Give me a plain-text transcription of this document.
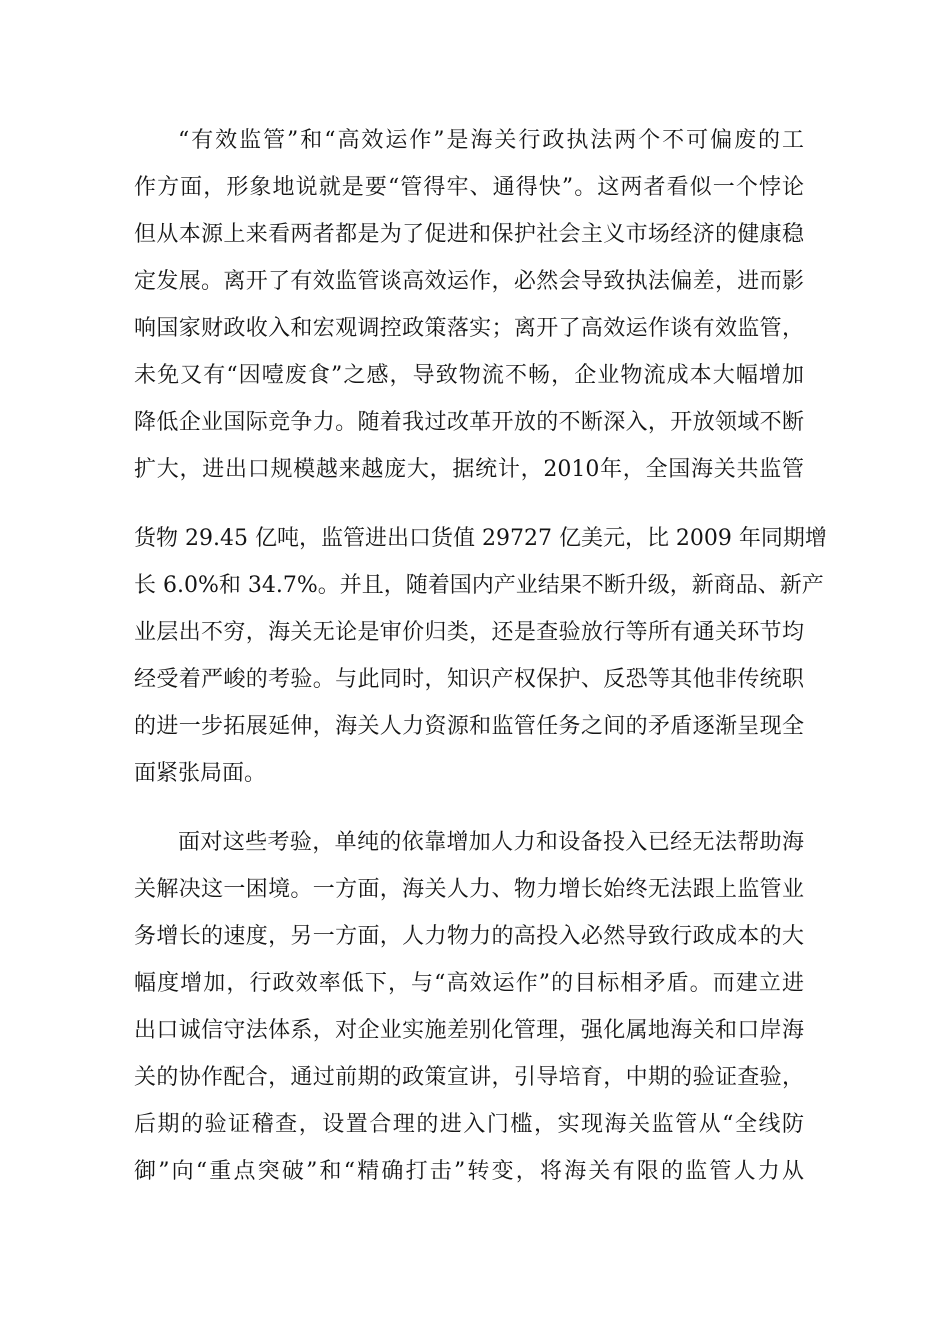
“有效监管”和“高效运作”是海关行政执法两个不可偏废的工
作方面，形象地说就是要“管得牢、通得快”。这两者看似一个悖论
但从本源上来看两者都是为了促进和保护社会主义市场经济的健康稳
定发展。离开了有效监管谈高效运作，必然会导致执法偏差，进而影
响国家财政收入和宏观调控政策落实；离开了高效运作谈有效监管，
未免又有“因噎废食”之感，导致物流不畅，企业物流成本大幅增加
降低企业国际竞争力。随着我过改革开放的不断深入，开放领域不断
扩大，进出口规模越来越庞大，据统计，2010年，全国海关共监管
货物 29.45 亿吨，监管进出口货值 29727 亿美元，比 2009 年同期增
长 6.0%和 34.7%。并且，随着国内产业结果不断升级，新商品、新产
业层出不穷，海关无论是审价归类，还是查验放行等所有通关环节均
经受着严峻的考验。与此同时，知识产权保护、反恐等其他非传统职
的进一步拓展延伸，海关人力资源和监管任务之间的矛盾逐渐呈现全
面紧张局面。
面对这些考验，单纯的依靠增加人力和设备投入已经无法帮助海
关解决这一困境。一方面，海关人力、物力增长始终无法跟上监管业
务增长的速度，另一方面，人力物力的高投入必然导致行政成本的大
幅度增加，行政效率低下，与“高效运作”的目标相矛盾。而建立进
出口诚信守法体系，对企业实施差别化管理，强化属地海关和口岸海
关的协作配合，通过前期的政策宣讲，引导培育，中期的验证查验，
后期的验证稽查，设置合理的进入门槛，实现海关监管从“全线防
御”向“重点突破”和“精确打击”转变，将海关有限的监管人力从
